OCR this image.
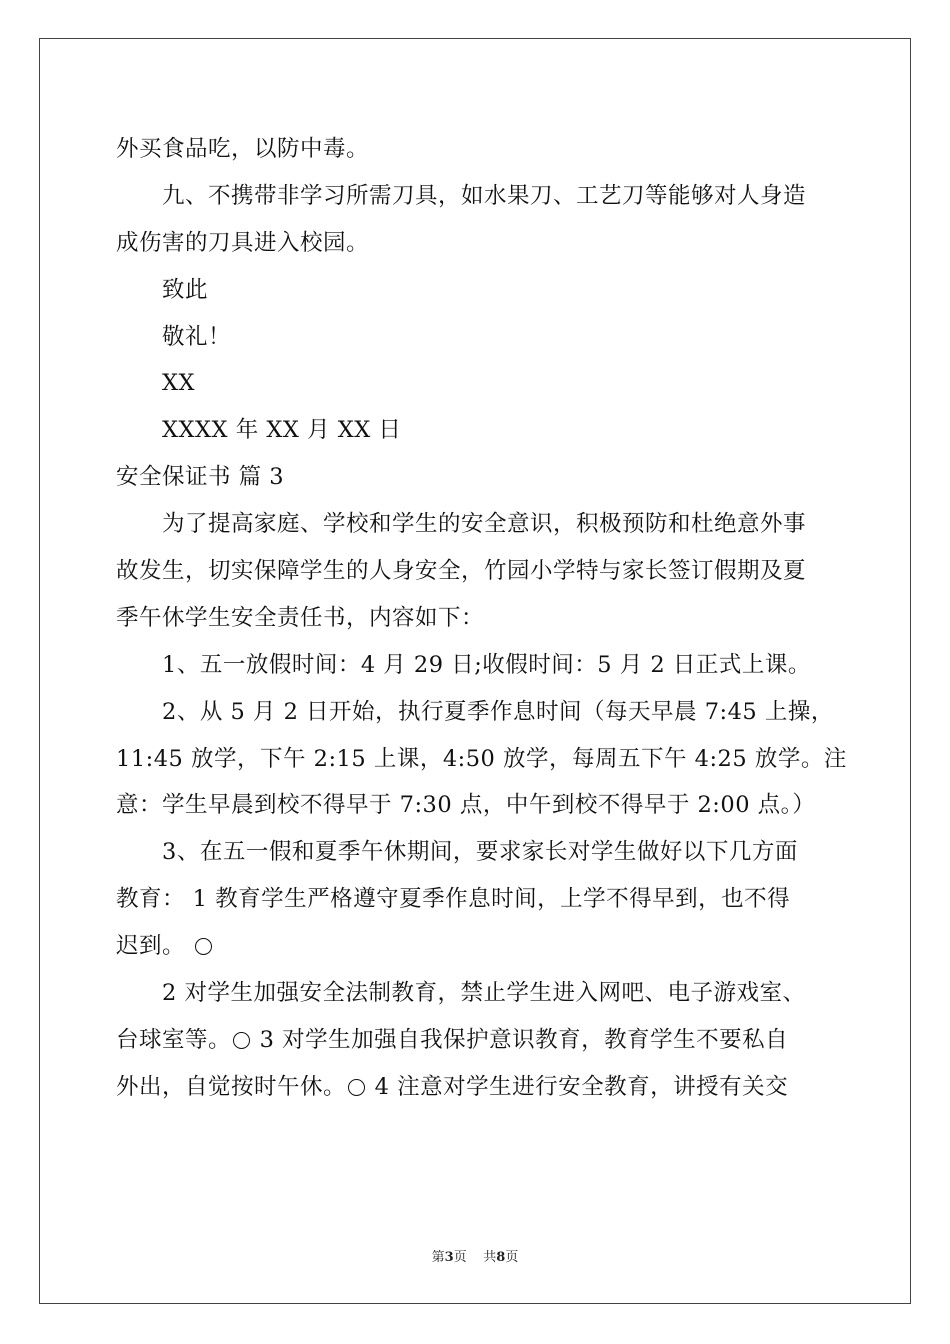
外买食品吃，以防中毒。
九、不携带非学习所需刀具，如水果刀、工艺刀等能够对人身造
成伤害的刀具进入校园。
致此
敬礼！
XX
XXXX 年 XX 月 XX 日
安全保证书 篇 3
为了提高家庭、学校和学生的安全意识，积极预防和杜绝意外事
故发生，切实保障学生的人身安全，竹园小学特与家长签订假期及夏
季午休学生安全责任书，内容如下：
1、五一放假时间：4 月 29 日;收假时间：5 月 2 日正式上课。
2、从 5 月 2 日开始，执行夏季作息时间（每天早晨 7:45 上操，
11:45 放学，下午 2:15 上课，4:50 放学，每周五下午 4:25 放学。注
意：学生早晨到校不得早于 7:30 点，中午到校不得早于 2:00 点。）
3、在五一假和夏季午休期间，要求家长对学生做好以下几方面
教育： 1 教育学生严格遵守夏季作息时间，上学不得早到，也不得
迟到。
2 对学生加强安全法制教育，禁止学生进入网吧、电子游戏室、
台球室等。 ○ 3 对学生加强自我保护意识教育，教育学生不要私自
外出，自觉按时午休。 ○ 4 注意对学生进行安全教育，讲授有关交
第3页 共8页
